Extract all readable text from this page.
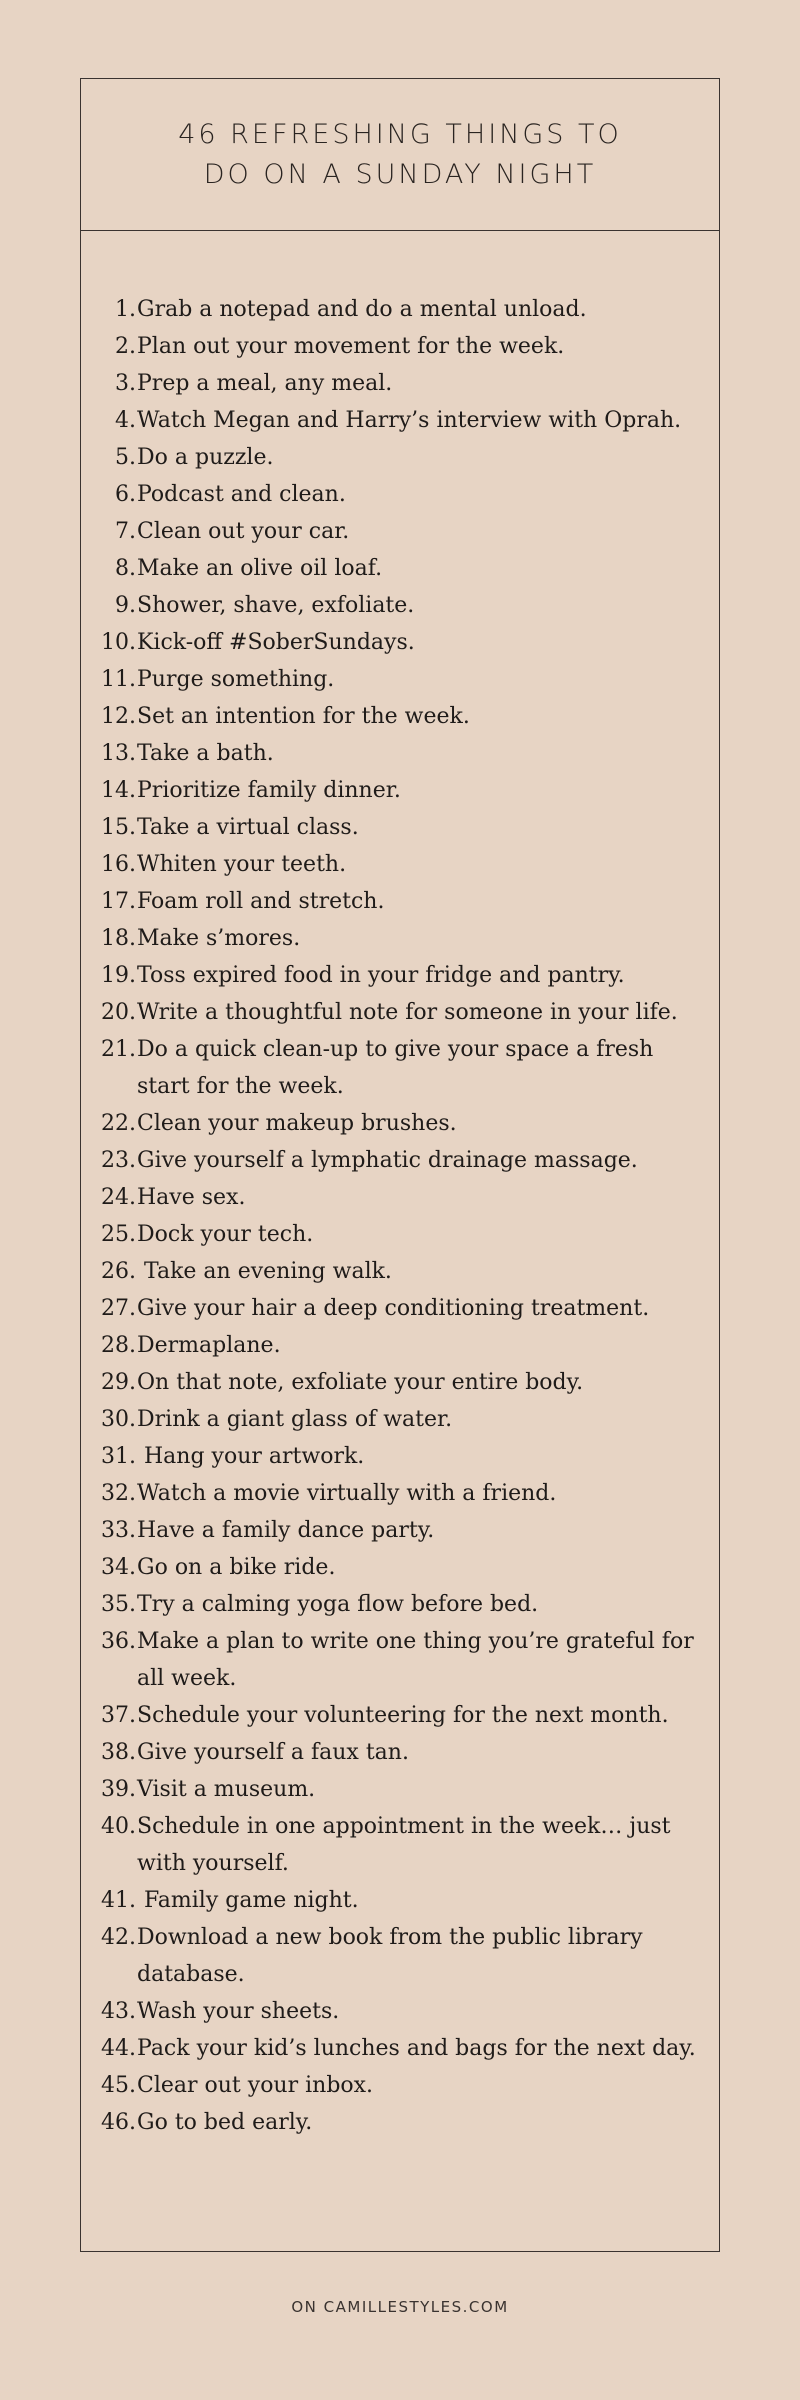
46 REFRESHING THINGS TO
DO ON A SUNDAY NIGHT
1. Grab a notepad and do a mental unload.
2. Plan out your movement for the week.
3. Prep a meal, any meal.
4. Watch Megan and Harry’s interview with Oprah.
5. Do a puzzle.
6. Podcast and clean.
7. Clean out your car.
8. Make an olive oil loaf.
9. Shower, shave, exfoliate.
10. Kick-off #SoberSundays.
11. Purge something.
12. Set an intention for the week.
13. Take a bath.
14. Prioritize family dinner.
15. Take a virtual class.
16. Whiten your teeth.
17. Foam roll and stretch.
18. Make s’mores.
19. Toss expired food in your fridge and pantry.
20. Write a thoughtful note for someone in your life.
21. Do a quick clean-up to give your space a fresh start for the week.
22. Clean your makeup brushes.
23. Give yourself a lymphatic drainage massage.
24. Have sex.
25. Dock your tech.
26. Take an evening walk.
27. Give your hair a deep conditioning treatment.
28. Dermaplane.
29. On that note, exfoliate your entire body.
30. Drink a giant glass of water.
31. Hang your artwork.
32. Watch a movie virtually with a friend.
33. Have a family dance party.
34. Go on a bike ride.
35. Try a calming yoga flow before bed.
36. Make a plan to write one thing you’re grateful for all week.
37. Schedule your volunteering for the next month.
38. Give yourself a faux tan.
39. Visit a museum.
40. Schedule in one appointment in the week… just with yourself.
41. Family game night.
42. Download a new book from the public library database.
43. Wash your sheets.
44. Pack your kid’s lunches and bags for the next day.
45. Clear out your inbox.
46. Go to bed early.
ON CAMILLESTYLES.COM
